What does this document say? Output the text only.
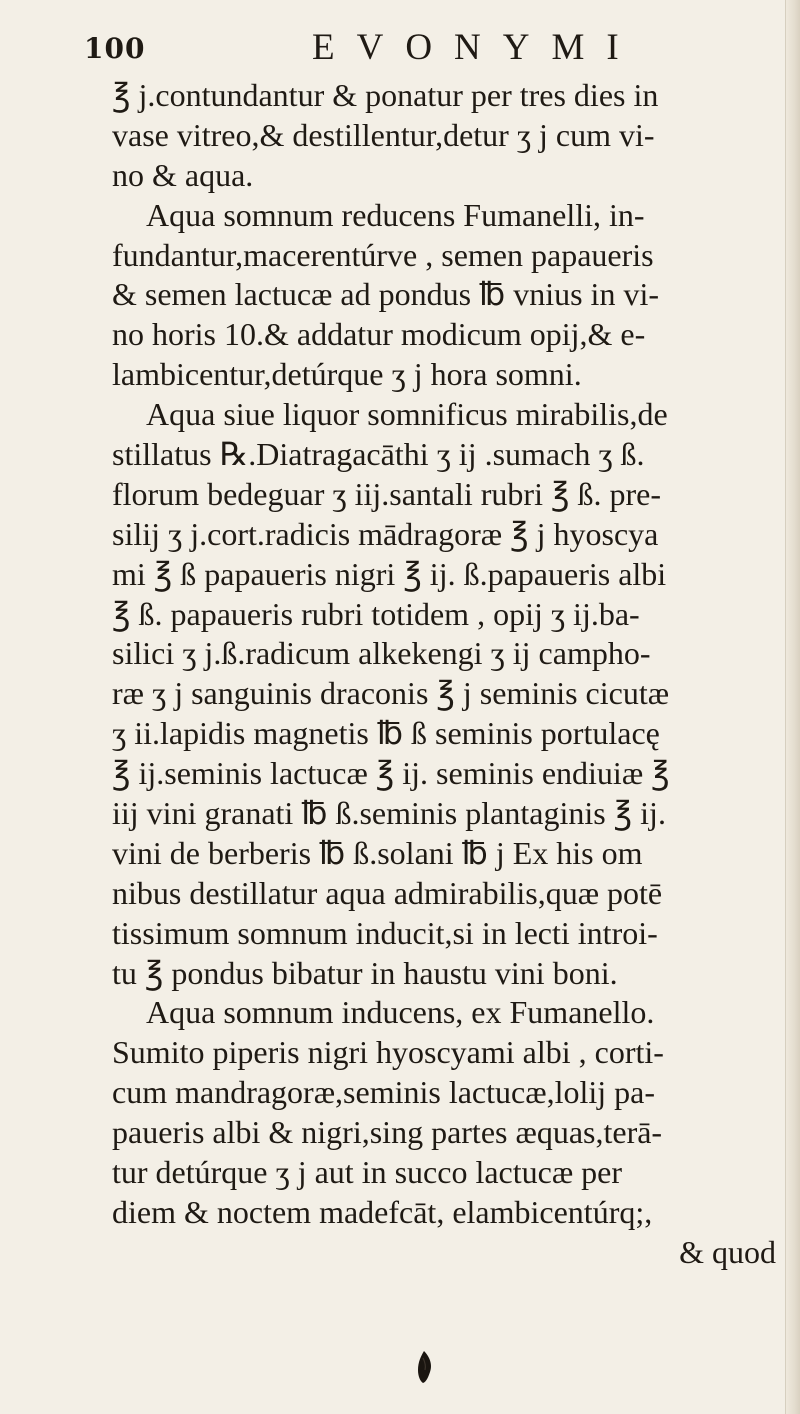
100	EVONYMI
℥ j.contundantur & ponatur per tres dies in
vase vitreo,& destillentur,detur ʒ j cum vi-
no & aqua.
Aqua somnum reducens Fumanelli, in-
fundantur,macerentúrve , semen papaueris
& semen lactucæ ad pondus ℔ vnius in vi-
no horis 10.& addatur modicum opij,& e-
lambicentur,detúrque ʒ j hora somni.
Aqua siue liquor somnificus mirabilis,de
stillatus ℞.Diatragacāthi ʒ ij .sumach ʒ ß.
florum bedeguar ʒ iij.santali rubri ℥ ß. pre-
silij ʒ j.cort.radicis mādragoræ ℥ j hyoscya
mi ℥ ß papaueris nigri ℥ ij. ß.papaueris albi
℥ ß. papaueris rubri totidem , opij ʒ ij.ba-
silici ʒ j.ß.radicum alkekengi ʒ ij campho-
ræ ʒ j sanguinis draconis ℥ j seminis cicutæ
ʒ ii.lapidis magnetis ℔ ß seminis portulacę
℥ ij.seminis lactucæ ℥ ij. seminis endiuiæ ℥
iij vini granati ℔ ß.seminis plantaginis ℥ ij.
vini de berberis ℔ ß.solani ℔ j Ex his om
nibus destillatur aqua admirabilis,quæ potē
tissimum somnum inducit,si in lecti introi-
tu ℥ pondus bibatur in haustu vini boni.
Aqua somnum inducens, ex Fumanello.
Sumito piperis nigri hyoscyami albi , corti-
cum mandragoræ,seminis lactucæ,lolij pa-
paueris albi & nigri,sing partes æquas,terā-
tur detúrque ʒ j aut in succo lactucæ per
diem & noctem madefcāt, elambicentúrq;,
& quod
